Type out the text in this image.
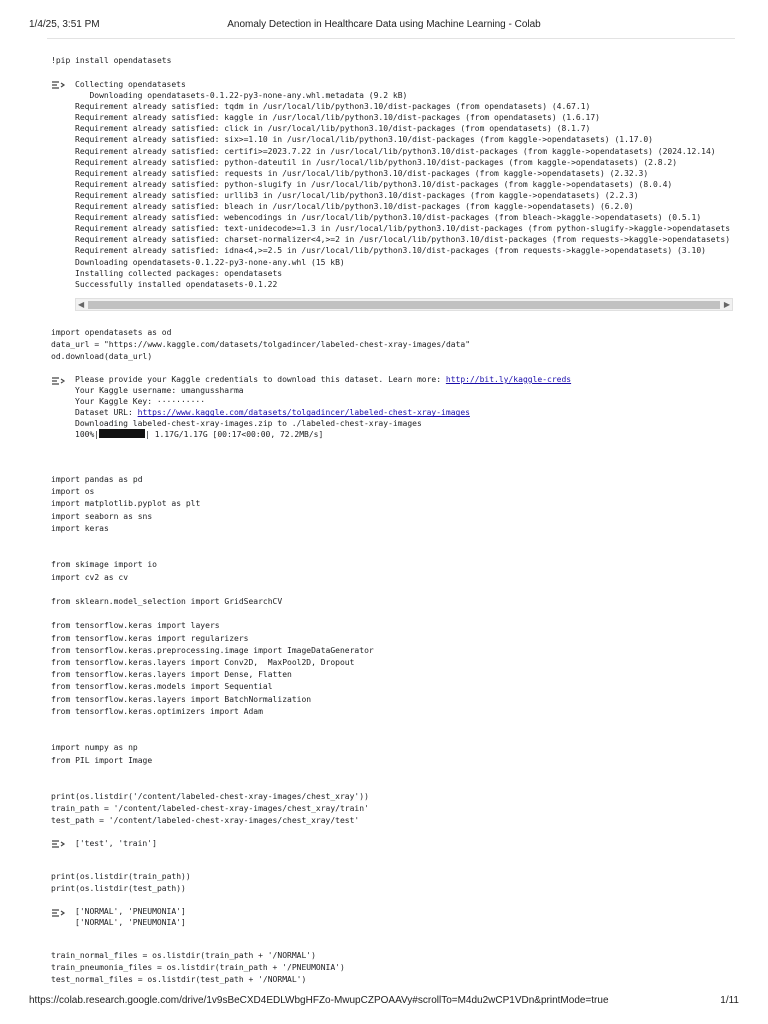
1/4/25, 3:51 PM	Anomaly Detection in Healthcare Data using Machine Learning - Colab
!pip install opendatasets
Collecting opendatasets
Downloading opendatasets-0.1.22-py3-none-any.whl.metadata (9.2 kB)
Requirement already satisfied: tqdm in /usr/local/lib/python3.10/dist-packages (from opendatasets) (4.67.1)
Requirement already satisfied: kaggle in /usr/local/lib/python3.10/dist-packages (from opendatasets) (1.6.17)
Requirement already satisfied: click in /usr/local/lib/python3.10/dist-packages (from opendatasets) (8.1.7)
Requirement already satisfied: six>=1.10 in /usr/local/lib/python3.10/dist-packages (from kaggle->opendatasets) (1.17.0)
Requirement already satisfied: certifi>=2023.7.22 in /usr/local/lib/python3.10/dist-packages (from kaggle->opendatasets) (2024.12.14)
Requirement already satisfied: python-dateutil in /usr/local/lib/python3.10/dist-packages (from kaggle->opendatasets) (2.8.2)
Requirement already satisfied: requests in /usr/local/lib/python3.10/dist-packages (from kaggle->opendatasets) (2.32.3)
Requirement already satisfied: python-slugify in /usr/local/lib/python3.10/dist-packages (from kaggle->opendatasets) (8.0.4)
Requirement already satisfied: urllib3 in /usr/local/lib/python3.10/dist-packages (from kaggle->opendatasets) (2.2.3)
Requirement already satisfied: bleach in /usr/local/lib/python3.10/dist-packages (from kaggle->opendatasets) (6.2.0)
Requirement already satisfied: webencodings in /usr/local/lib/python3.10/dist-packages (from bleach->kaggle->opendatasets) (0.5.1)
Requirement already satisfied: text-unidecode>=1.3 in /usr/local/lib/python3.10/dist-packages (from python-slugify->kaggle->opendatasets
Requirement already satisfied: charset-normalizer<4,>=2 in /usr/local/lib/python3.10/dist-packages (from requests->kaggle->opendatasets)
Requirement already satisfied: idna<4,>=2.5 in /usr/local/lib/python3.10/dist-packages (from requests->kaggle->opendatasets) (3.10)
Downloading opendatasets-0.1.22-py3-none-any.whl (15 kB)
Installing collected packages: opendatasets
Successfully installed opendatasets-0.1.22
◀	▶
import opendatasets as od
data_url = "https://www.kaggle.com/datasets/tolgadincer/labeled-chest-xray-images/data"
od.download(data_url)
Please provide your Kaggle credentials to download this dataset. Learn more: http://bit.ly/kaggle-creds
Your Kaggle username: umangussharma
Your Kaggle Key: ··········
Dataset URL: https://www.kaggle.com/datasets/tolgadincer/labeled-chest-xray-images
Downloading labeled-chest-xray-images.zip to ./labeled-chest-xray-images
100%|	| 1.17G/1.17G [00:17<00:00, 72.2MB/s]
import pandas as pd
import os
import matplotlib.pyplot as plt
import seaborn as sns
import keras

from skimage import io
import cv2 as cv

from sklearn.model_selection import GridSearchCV

from tensorflow.keras import layers
from tensorflow.keras import regularizers
from tensorflow.keras.preprocessing.image import ImageDataGenerator
from tensorflow.keras.layers import Conv2D,  MaxPool2D, Dropout
from tensorflow.keras.layers import Dense, Flatten
from tensorflow.keras.models import Sequential
from tensorflow.keras.layers import BatchNormalization
from tensorflow.keras.optimizers import Adam

import numpy as np
from PIL import Image
print(os.listdir('/content/labeled-chest-xray-images/chest_xray'))
train_path = '/content/labeled-chest-xray-images/chest_xray/train'
test_path = '/content/labeled-chest-xray-images/chest_xray/test'
['test', 'train']
print(os.listdir(train_path))
print(os.listdir(test_path))
['NORMAL', 'PNEUMONIA']
['NORMAL', 'PNEUMONIA']
train_normal_files = os.listdir(train_path + '/NORMAL')
train_pneumonia_files = os.listdir(train_path + '/PNEUMONIA')
test_normal_files = os.listdir(test_path + '/NORMAL')
https://colab.research.google.com/drive/1v9sBeCXD4EDLWbgHFZo-MwupCZPOAAVy#scrollTo=M4du2wCP1VDn&printMode=true	1/11
